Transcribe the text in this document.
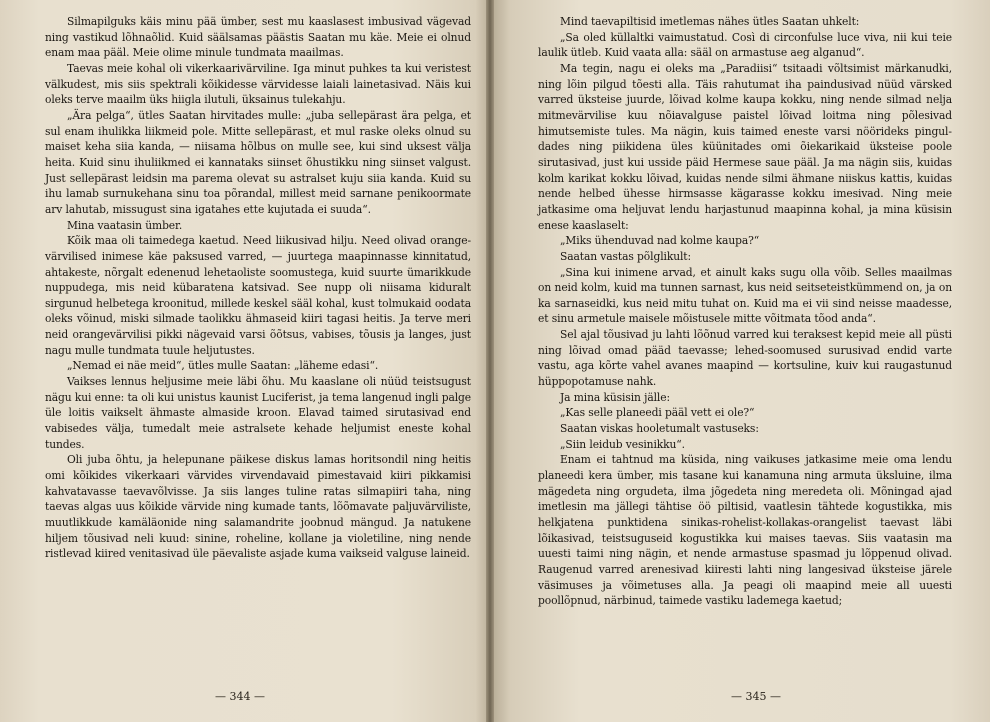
Silmapilguks käis minu pää ümber, sest mu kaaslasest imbusivad vägevad ning vastikud lõhnaõlid. Kuid säälsamas päästis Saatan mu käe. Meie ei olnud enam maa pääl. Meie olime minule tundmata maailmas.

Taevas meie kohal oli vikerkaarivärviline. Iga minut puhkes ta kui veristest välkudest, mis siis spektrali kõikidesse värvidesse laiali lainetasivad. Näis kui oleks terve maailm üks hiigla ilutuli, üksainus tulekahju.

„Ära pelga“, ütles Saatan hirvitades mulle: „juba sellepärast ära pelga, et sul enam ihulikka liikmeid pole. Mitte sellepärast, et mul raske oleks olnud su maiset keha siia kanda, — niisama hõlbus on mulle see, kui sind uksest välja heita. Kuid sinu ihuliikmed ei kannataks siinset õhustikku ning siinset valgust. Just sellepärast leidsin ma parema olevat su astralset kuju siia kanda. Kuid su ihu lamab surnukehana sinu toa põrandal, millest meid sarnane penikoormate arv lahutab, missugust sina igatahes ette kujutada ei suuda“.

Mina vaatasin ümber.

Kõik maa oli taimedega kaetud. Need liikusivad hilju. Need olivad orange-värvilised inimese käe paksused varred, — juurtega maapinnasse kinnitatud, ahtakeste, nõrgalt edenenud lehetaoliste soomustega, kuid suurte ümarikkude nuppudega, mis neid kübaratena katsivad. See nupp oli niisama kiduralt sirgunud helbetega kroonitud, millede keskel sääl kohal, kust tolmukaid oodata oleks võinud, miski silmade taolikku ähmaseid kiiri tagasi heitis. Ja terve meri neid orangevärvilisi pikki nägevaid varsi õõtsus, vabises, tõusis ja langes, just nagu mulle tundmata tuule heljutustes.

„Nemad ei näe meid“, ütles mulle Saatan: „läheme edasi“.

Vaikses lennus heljusime meie läbi õhu. Mu kaaslane oli nüüd teistsugust nägu kui enne: ta oli kui unistus kaunist Luciferist, ja tema langenud ingli palge üle loitis vaikselt ähmaste almaside kroon. Elavad taimed sirutasivad end vabisedes välja, tumedalt meie astralsete kehade heljumist eneste kohal tundes.

Oli juba õhtu, ja helepunane päikese diskus lamas horitsondil ning heitis omi kõikides vikerkaari värvides virvendavaid pimestavaid kiiri pikkamisi kahvatavasse taevavõlvisse. Ja siis langes tuline ratas silmapiiri taha, ning taevas algas uus kõikide värvide ning kumade tants, lõõmavate paljuvärviliste, muutlikkude kamäläonide ning salamandrite joobnud mängud. Ja natukene hiljem tõusivad neli kuud: sinine, roheline, kollane ja violetiline, ning nende ristlevad kiired venitasivad üle päevaliste asjade kuma vaikseid valguse laineid.

— 344 —

Mind taevapiltisid imetlemas nähes ütles Saatan uhkelt:

„Sa oled küllaltki vaimustatud. Così di circonfulse luce viva, nii kui teie laulik ütleb. Kuid vaata alla: sääl on armastuse aeg alganud“.

Ma tegin, nagu ei oleks ma „Paradiisi“ tsitaadi võltsimist märkanudki, ning lõin pilgud tõesti alla. Täis rahutumat iha paindusivad nüüd värsked varred üksteise juurde, lõivad kolme kaupa kokku, ning nende silmad nelja mitmevärvilise kuu nõiavalguse paistel lõivad loitma ning põlesivad himutsemiste tules. Ma nägin, kuis taimed eneste varsi nöörideks pinguldades ning piikidena üles küünitades omi õiekarikaid üksteise poole sirutasivad, just kui usside päid Hermese saue pääl. Ja ma nägin siis, kuidas kolm karikat kokku lõivad, kuidas nende silmi ähmane niiskus kattis, kuidas nende helbed ühesse hirmsasse kägarasse kokku imesivad. Ning meie jatkasime oma heljuvat lendu harjastunud maapinna kohal, ja mina küsisin enese kaaslaselt:

„Miks ühenduvad nad kolme kaupa?“

Saatan vastas põlglikult:

„Sina kui inimene arvad, et ainult kaks sugu olla võib. Selles maailmas on neid kolm, kuid ma tunnen sarnast, kus neid seitseteistkümmend on, ja on ka sarnaseidki, kus neid mitu tuhat on. Kuid ma ei vii sind neisse maadesse, et sinu armetule maisele mõistusele mitte võitmata tõod anda“.

Sel ajal tõusivad ju lahti lõõnud varred kui teraksest kepid meie all püsti ning lõivad omad pääd taevasse; lehed-soomused surusivad endid varte vastu, aga kõrte vahel avanes maapind — kortsuline, kuiv kui raugastunud hüppopotamuse nahk.

Ja mina küsisin jälle:

„Kas selle planeedi pääl vett ei ole?“

Saatan viskas hooletumalt vastuseks:

„Siin leidub vesinikku“.

Enam ei tahtnud ma küsida, ning vaikuses jatkasime meie oma lendu planeedi kera ümber, mis tasane kui kanamuna ning armuta üksluine, ilma mägedeta ning orgudeta, ilma jõgedeta ning meredeta oli. Mõningad ajad imetlesin ma jällegi tähtise öö piltisid, vaatlesin tähtede kogustikka, mis helkjatena punktidena sinikas-rohelist-kollakas-orangelist taevast läbi lõikasivad, teistsuguseid kogustikka kui maises taevas. Siis vaatasin ma uuesti taimi ning nägin, et nende armastuse spasmad ju lõppenud olivad. Raugenud varred arenesivad kiiresti lahti ning langesivad üksteise järele väsimuses ja võimetuses alla. Ja peagi oli maapind meie all uuesti poollõpnud, närbinud, taimede vastiku lademega kaetud;

— 345 —
